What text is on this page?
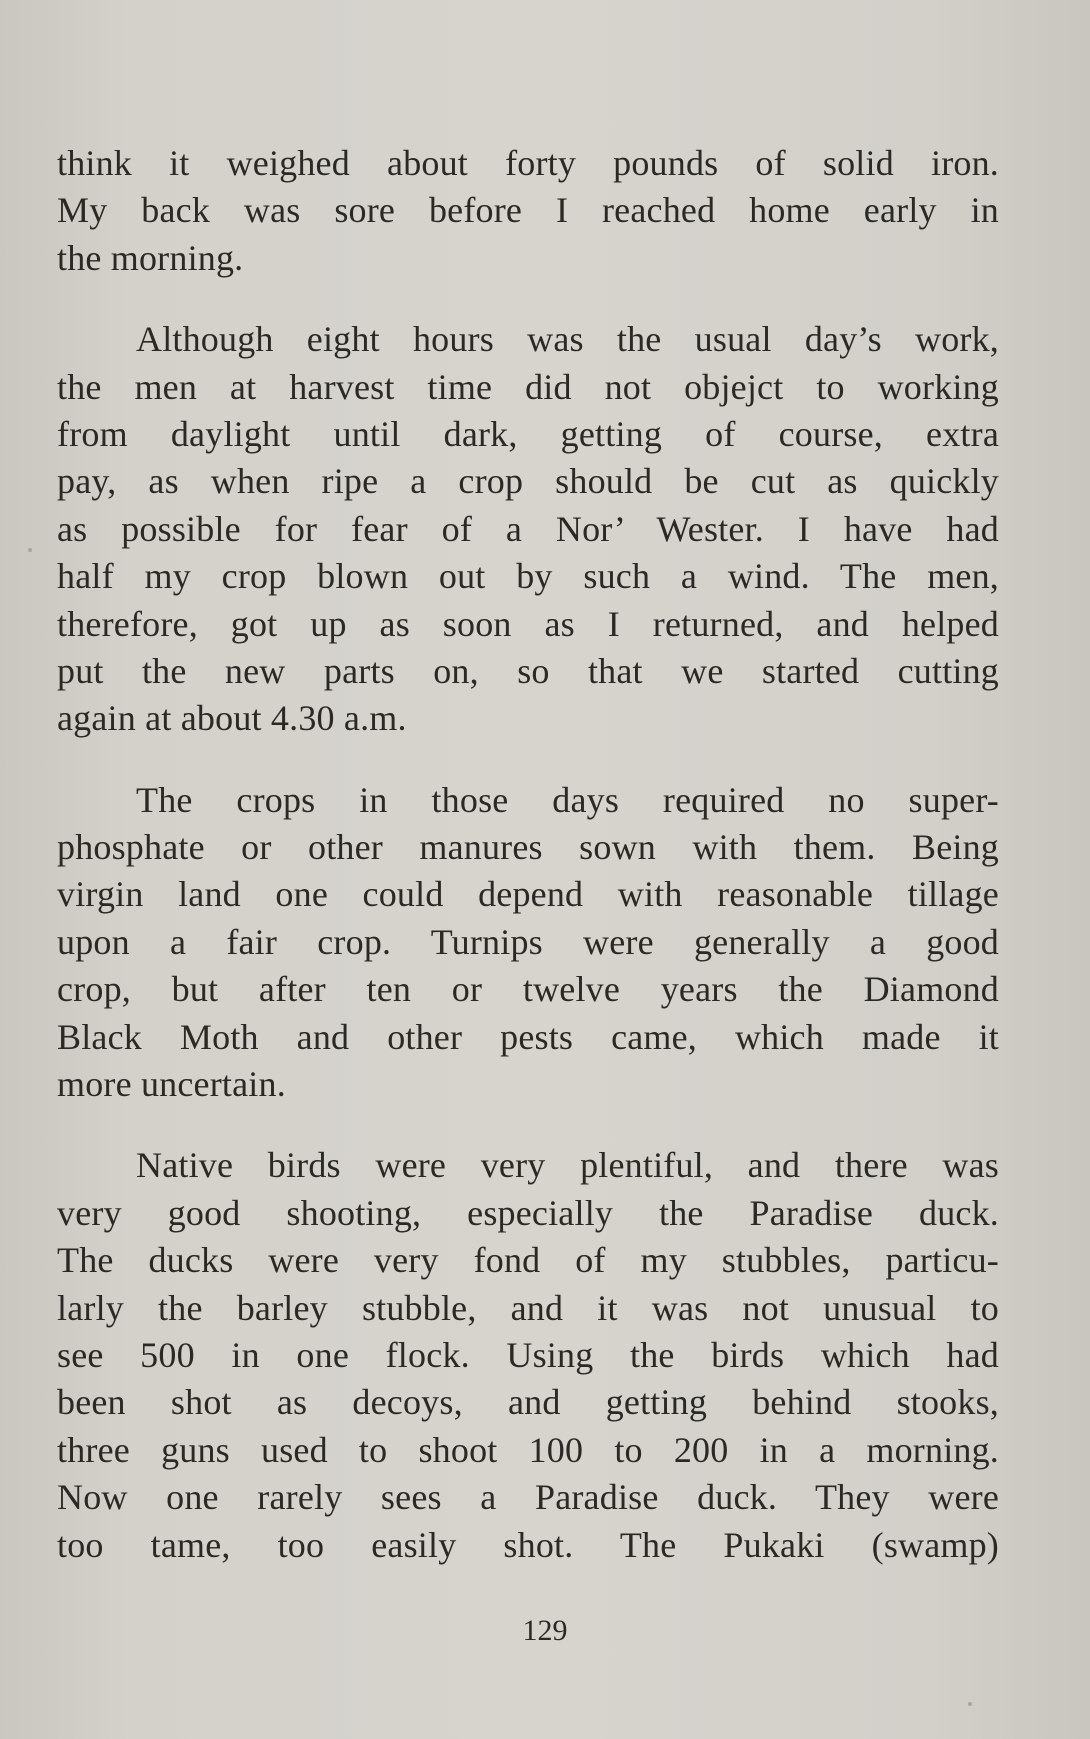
think it weighed about forty pounds of solid iron.
My back was sore before I reached home early in
the morning.
Although eight hours was the usual day’s work,
the men at harvest time did not objejct to working
from daylight until dark, getting of course, extra
pay, as when ripe a crop should be cut as quickly
as possible for fear of a Nor’ Wester. I have had
half my crop blown out by such a wind. The men,
therefore, got up as soon as I returned, and helped
put the new parts on, so that we started cutting
again at about 4.30 a.m.
The crops in those days required no super-
phosphate or other manures sown with them. Being
virgin land one could depend with reasonable tillage
upon a fair crop. Turnips were generally a good
crop, but after ten or twelve years the Diamond
Black Moth and other pests came, which made it
more uncertain.
Native birds were very plentiful, and there was
very good shooting, especially the Paradise duck.
The ducks were very fond of my stubbles, particu-
larly the barley stubble, and it was not unusual to
see 500 in one flock. Using the birds which had
been shot as decoys, and getting behind stooks,
three guns used to shoot 100 to 200 in a morning.
Now one rarely sees a Paradise duck. They were
too tame, too easily shot. The Pukaki (swamp)
129
